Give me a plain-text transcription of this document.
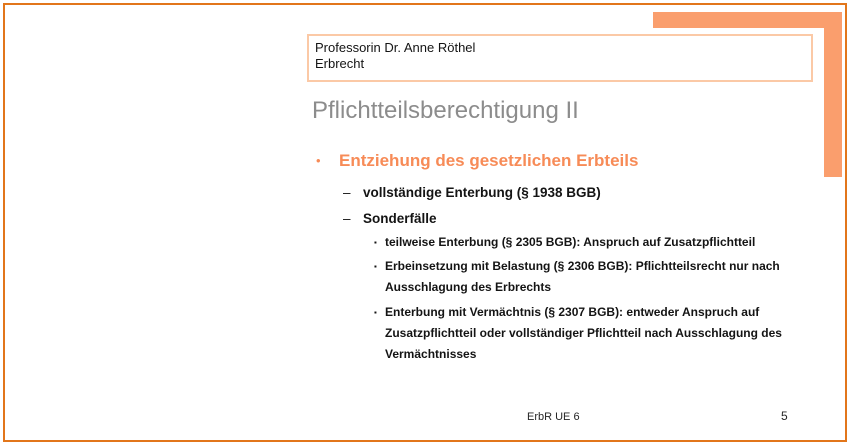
Professorin Dr. Anne Röthel
Erbrecht
Pflichtteilsberechtigung II
•	Entziehung des gesetzlichen Erbteils
– vollständige Enterbung (§ 1938 BGB)
– Sonderfälle
▪ teilweise Enterbung (§ 2305 BGB): Anspruch auf Zusatzpflichtteil
▪ Erbeinsetzung mit Belastung (§ 2306 BGB): Pflichtteilsrecht nur nach
Ausschlagung des Erbrechts
▪ Enterbung mit Vermächtnis (§ 2307 BGB): entweder Anspruch auf
Zusatzpflichtteil oder vollständiger Pflichtteil nach Ausschlagung des
Vermächtnisses
ErbR UE 6	5
